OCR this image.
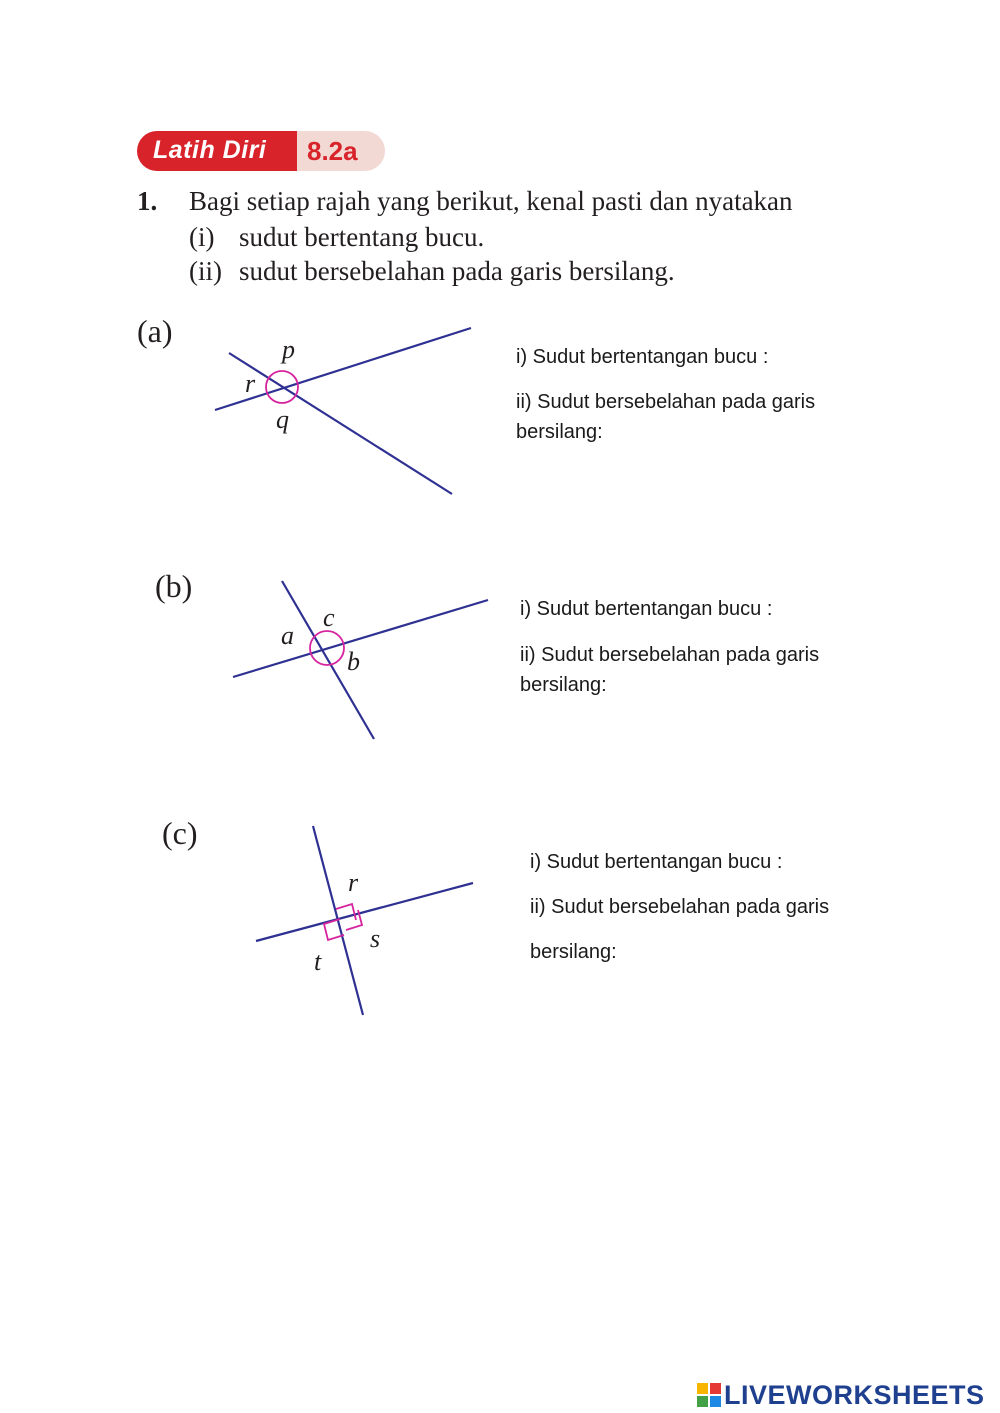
Latih Diri 8.2a
1. Bagi setiap rajah yang berikut, kenal pasti dan nyatakan
(i) sudut bertentang bucu.
(ii) sudut bersebelahan pada garis bersilang.
(a)
(b)
(c)
p
r
q
c
a
b
r
t
s
i) Sudut bertentangan bucu :
ii) Sudut bersebelahan pada garis
bersilang:
i) Sudut bertentangan bucu :
ii) Sudut bersebelahan pada garis
bersilang:
i) Sudut bertentangan bucu :
ii) Sudut bersebelahan pada garis
bersilang:
LIVEWORKSHEETS
